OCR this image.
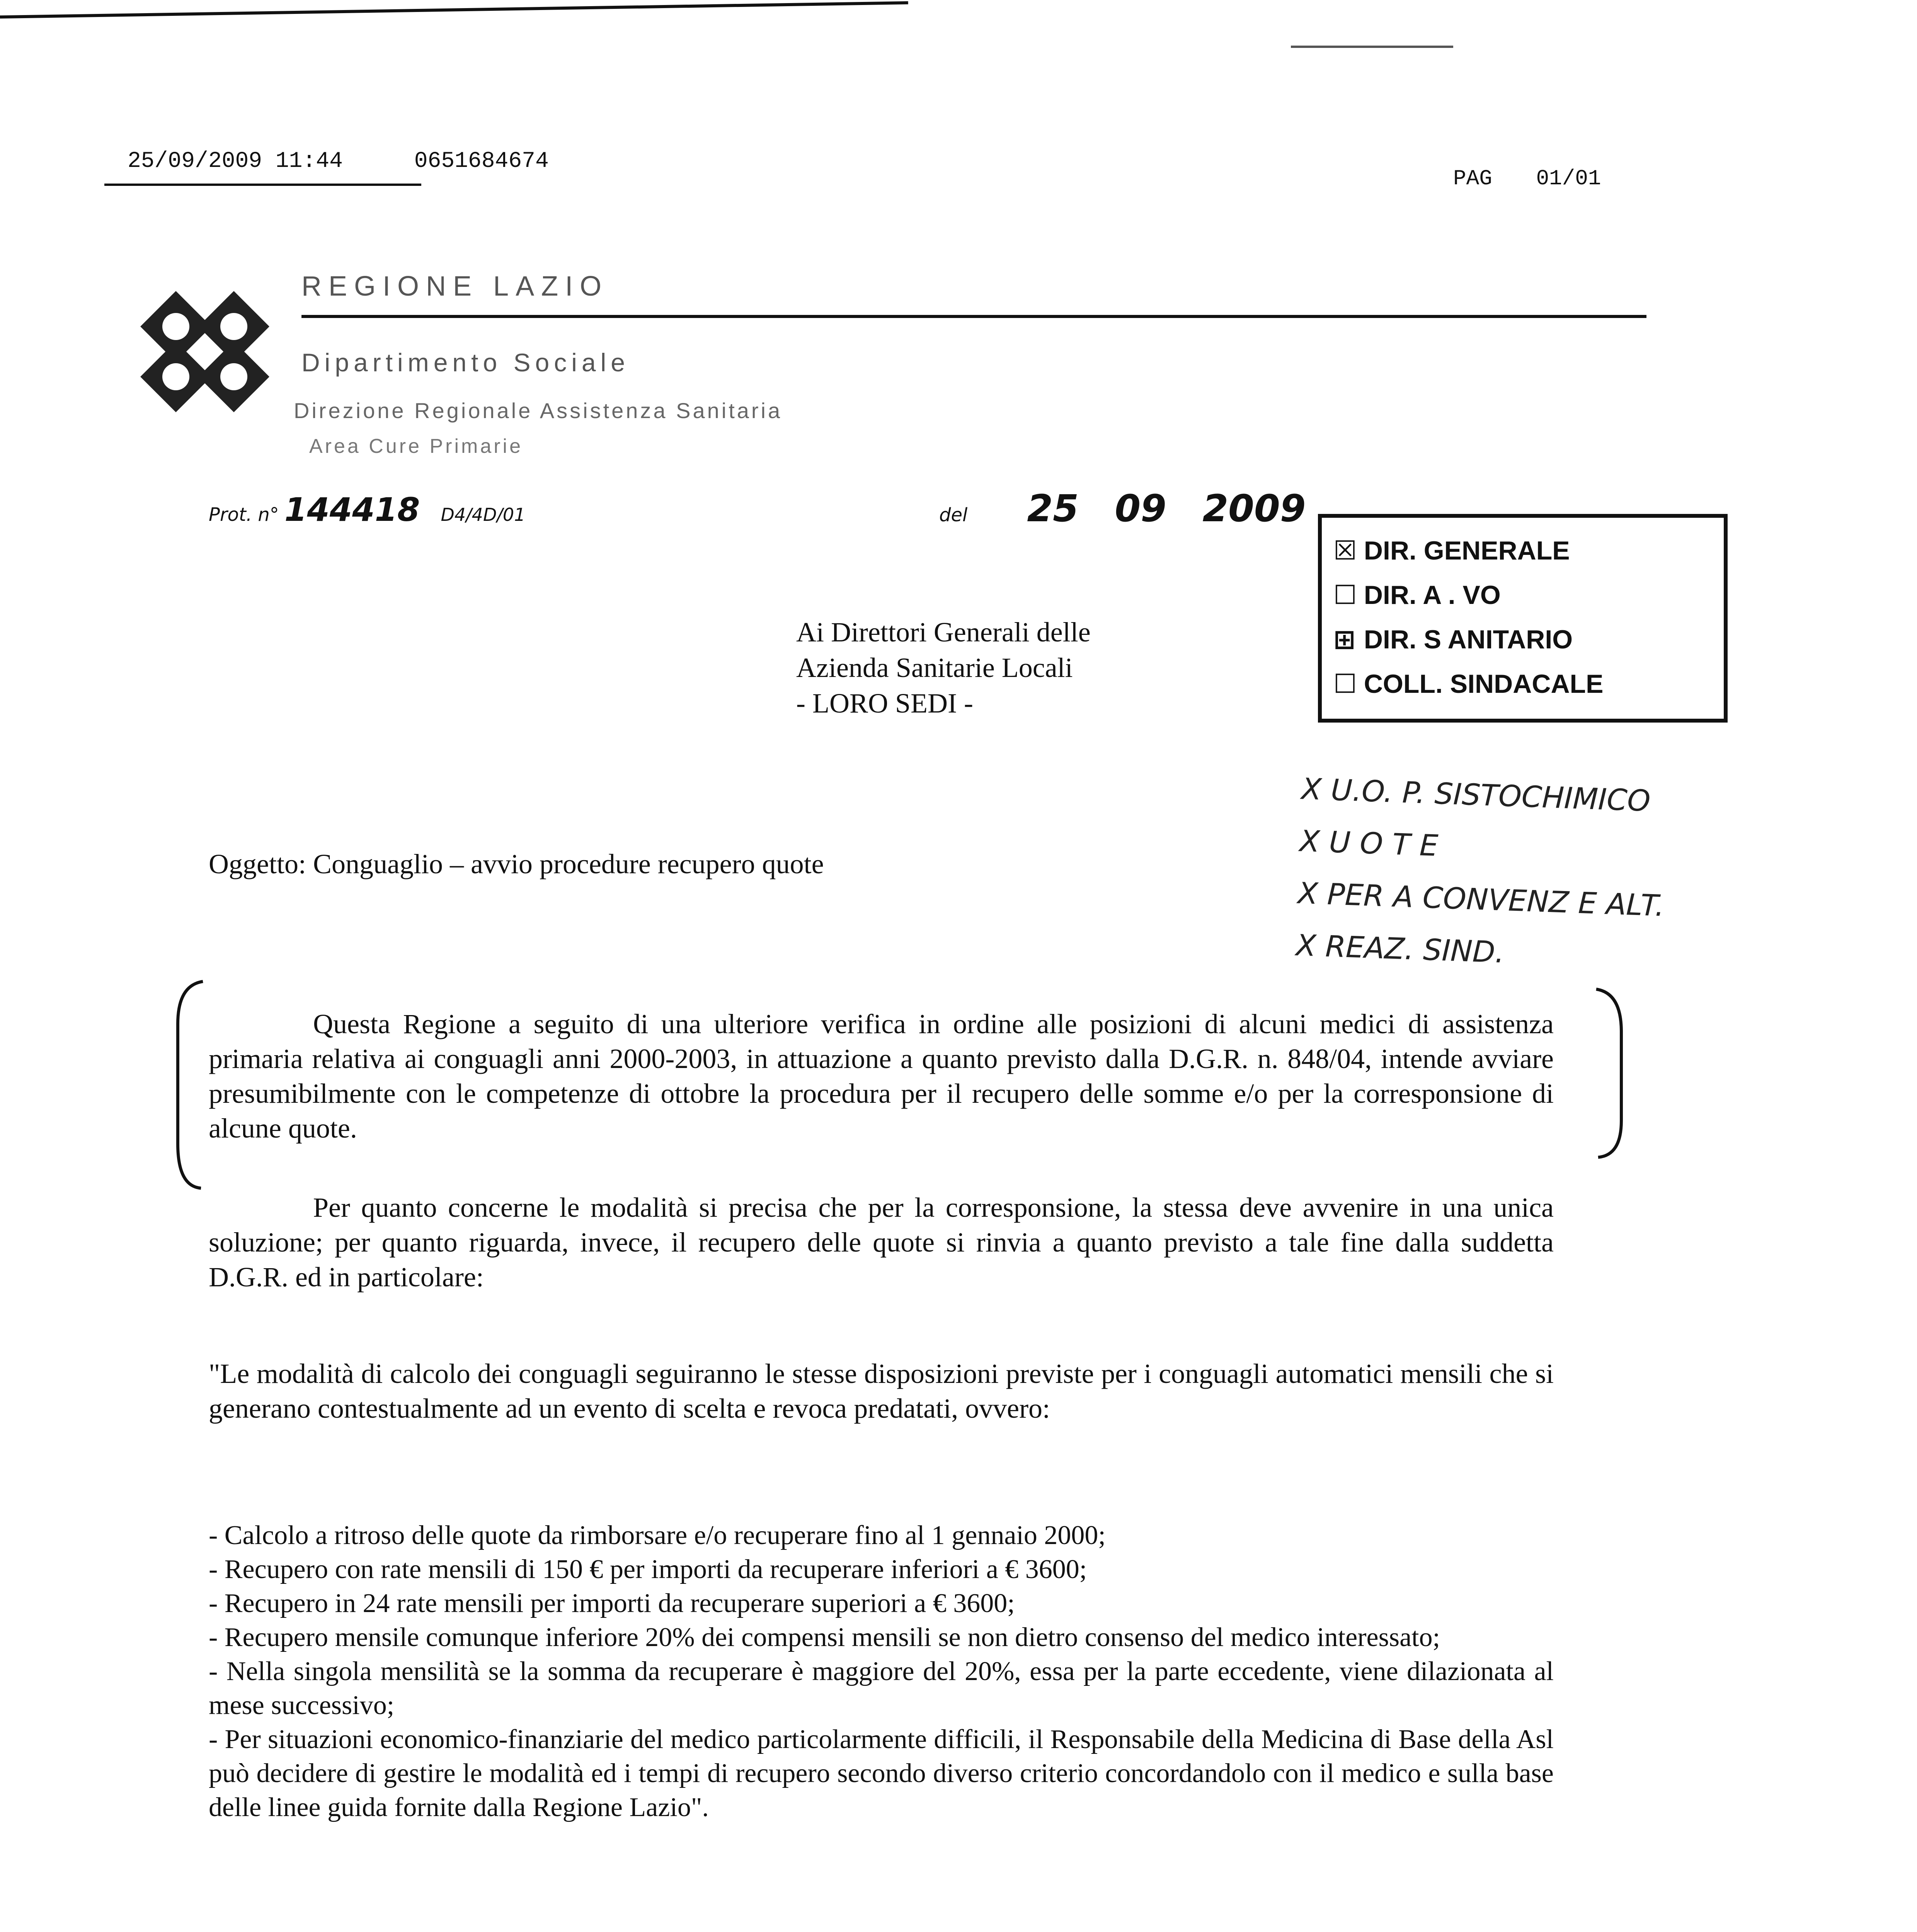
25/09/2009 11:44	0651684674
PAG 01/01
REGIONE LAZIO
Dipartimento Sociale
Direzione Regionale Assistenza Sanitaria
Area Cure Primarie
Prot. n° 144418 D4/4D/01	del 25 09 2009
☒ DIR. GENERALE
☐ DIR. A . VO
⊞ DIR. S ANITARIO
☐ COLL. SINDACALE
Ai Direttori Generali delle
Azienda Sanitarie Locali
- LORO SEDI -
X U.O. P. SISTOCHIMICO
X U O T E
X PER A CONVENZ E ALT.
X REAZ. SIND.
Oggetto: Conguaglio – avvio procedure recupero quote
Questa Regione a seguito di una ulteriore verifica in ordine alle posizioni di alcuni medici di assistenza primaria relativa ai conguagli anni 2000-2003, in attuazione a quanto previsto dalla D.G.R. n. 848/04, intende avviare presumibilmente con le competenze di ottobre la procedura per il recupero delle somme e/o per la corresponsione di alcune quote.
Per quanto concerne le modalità si precisa che per la corresponsione, la stessa deve avvenire in una unica soluzione; per quanto riguarda, invece, il recupero delle quote si rinvia a quanto previsto a tale fine dalla suddetta D.G.R. ed in particolare:
"Le modalità di calcolo dei conguagli seguiranno le stesse disposizioni previste per i conguagli automatici mensili che si generano contestualmente ad un evento di scelta e revoca predatati, ovvero:
- Calcolo a ritroso delle quote da rimborsare e/o recuperare fino al 1 gennaio 2000;
- Recupero con rate mensili di 150 € per importi da recuperare inferiori a € 3600;
- Recupero in 24 rate mensili per importi da recuperare superiori a € 3600;
- Recupero mensile comunque inferiore 20% dei compensi mensili se non dietro consenso del medico interessato;
- Nella singola mensilità se la somma da recuperare è maggiore del 20%, essa per la parte eccedente, viene dilazionata al mese successivo;
- Per situazioni economico-finanziarie del medico particolarmente difficili, il Responsabile della Medicina di Base della Asl può decidere di gestire le modalità ed i tempi di recupero secondo diverso criterio concordandolo con il medico e sulla base delle linee guida fornite dalla Regione Lazio".
